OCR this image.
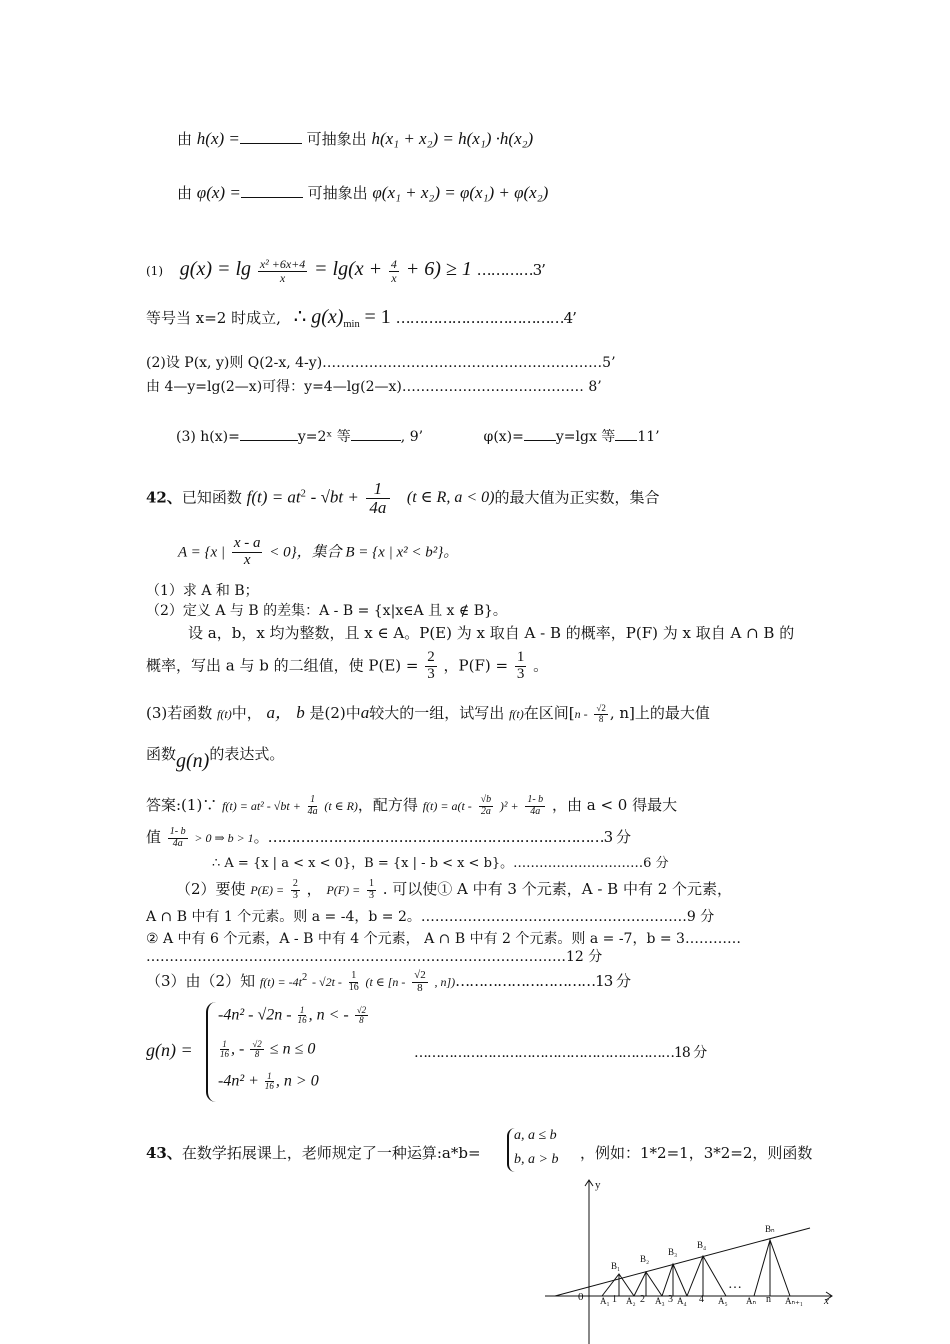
由 h(x) =	可抽象出 h(x₁ + x₂) = h(x₁) ·h(x₂)
由 φ(x) =	可抽象出 φ(x₁ + x₂) = φ(x₁) + φ(x₂)
(1) $g(x) = \lg \frac{\text{x² +6x+4}}{x} = \lg(x + \frac{4}{x} + 6) \ge 1$ …………3’
等号当 x=2 时成立, ∴ $g(x)_{min} = 1$ ………………………………4’
(2)设 P(x, y)则 Q(2-x, 4-y)……………………………………………………5’
由 4—y=lg(2—x)可得：y=4—lg(2—x)………………………………… 8’
(3) h(x)=	y=2ˣ 等	, 9’	φ(x)= y=lgx 等 11’
42、已知函数 $f(t) = at^2 - √bt + \frac{1}{4a} (t$ ∈ R, a < 0)的最大值为正实数，集合
A = {x | $\frac{x - a}{x} < 0$}，集合 B = {x | x² < b²}。
（1）求 A 和 B；
（2）定义 A 与 B 的差集：A - B = {x|x∈A 且 x ∉ B}。
设 a，b，x 均为整数，且 x ∈ A。P(E) 为 x 取自 A - B 的概率，P(F) 为 x 取自 A ∩ B 的
概率，写出 a 与 b 的二组值，使 $P(E) = \frac{2}{3}$ ，$P(F) = \frac{1}{3}$ 。
(3)若函数 f(t)中， a， b 是(2)中a较大的一组，试写出 f(t)在区间[$n - \frac{√2}{8}$ , n]上的最大值
函数g(n)的表达式。
答案:(1)∵ $f(t) = at^2 - √bt + \frac{1}{4a} (t$ ∈ R)，配方得 $f(t) = a(t - \frac{√b}{2a} )^2 + \frac{1- b}{4a}$ ，由 a < 0 得最大
值 $\frac{1- b}{4a} > 0$ ⇒ b > 1。………………………………………………………………3 分
∴ A = {x | a < x < 0}，B = {x | - b < x < b}。…………………………6 分
（2）要使 $P(E) = \frac{2}{3}$ ， $P(F) = \frac{1}{3}$ . 可以使① A 中有 3 个元素，A - B 中有 2 个元素，
A ∩ B 中有 1 个元素。则 a = -4，b = 2。…………………………………………………9 分
② A 中有 6 个元素，A - B 中有 4 个元素， A ∩ B 中有 2 个元素。则 a = -7，b = 3…………
………………………………………………………………………………12 分
（3）由（2）知 $f(t) = -4t^2 - √2t - \frac{1}{16} (t$ ∈ [$n - \frac{√2}{8}$ , n])…………………………13 分
g(n) =
$-4n^2 - √2n - \frac{1}{16}$ , n < - $\frac{√2}{8}$
$\frac{1}{16}$ , - $\frac{√2}{8} \le n \le 0$
$-4n^2 + \frac{1}{16}$ , n > 0
……………………………………………………18 分
43、在数学拓展课上，老师规定了一种运算:a*b=
a, a ≤ b
b, a > b ，例如：1*2=1，3*2=2，则函数
y
x
0 A₁ 1 A₂ 2 A₃ 3 A₄ 4 A₅ Aₙ n Aₙ₊₁
B₁
B₂
B₃
B₄
Bₙ
…
